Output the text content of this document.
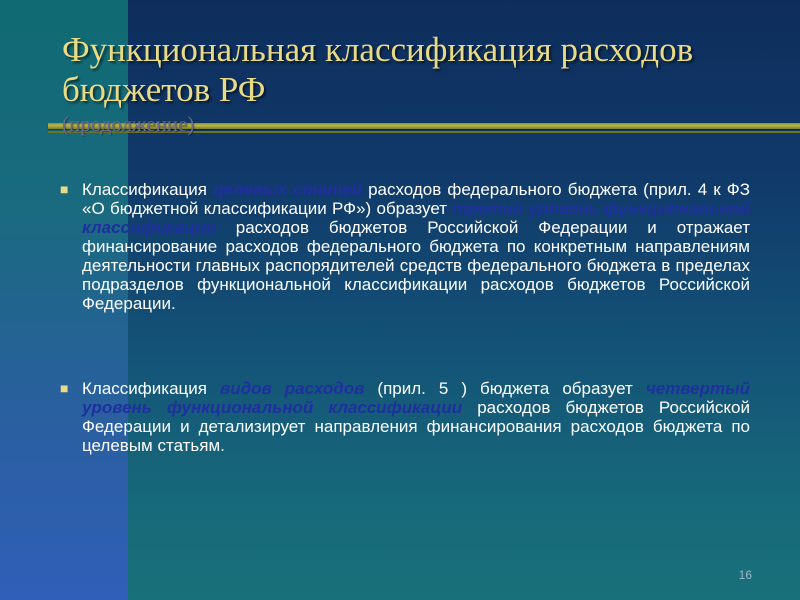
Функциональная классификация расходов бюджетов РФ
(продолжение)
■ Классификация целевых статей расходов федерального бюджета (прил. 4 к ФЗ «О бюджетной классификации РФ») образует третий уровень функциональной классификации расходов бюджетов Российской Федерации и отражает финансирование расходов федерального бюджета по конкретным направлениям деятельности главных распорядителей средств федерального бюджета в пределах подразделов функциональной классификации расходов бюджетов Российской Федерации.
■ Классификация видов расходов (прил. 5 ) бюджета образует четвертый уровень функциональной классификации расходов бюджетов Российской Федерации и детализирует направления финансирования расходов бюджета по целевым статьям.
16
